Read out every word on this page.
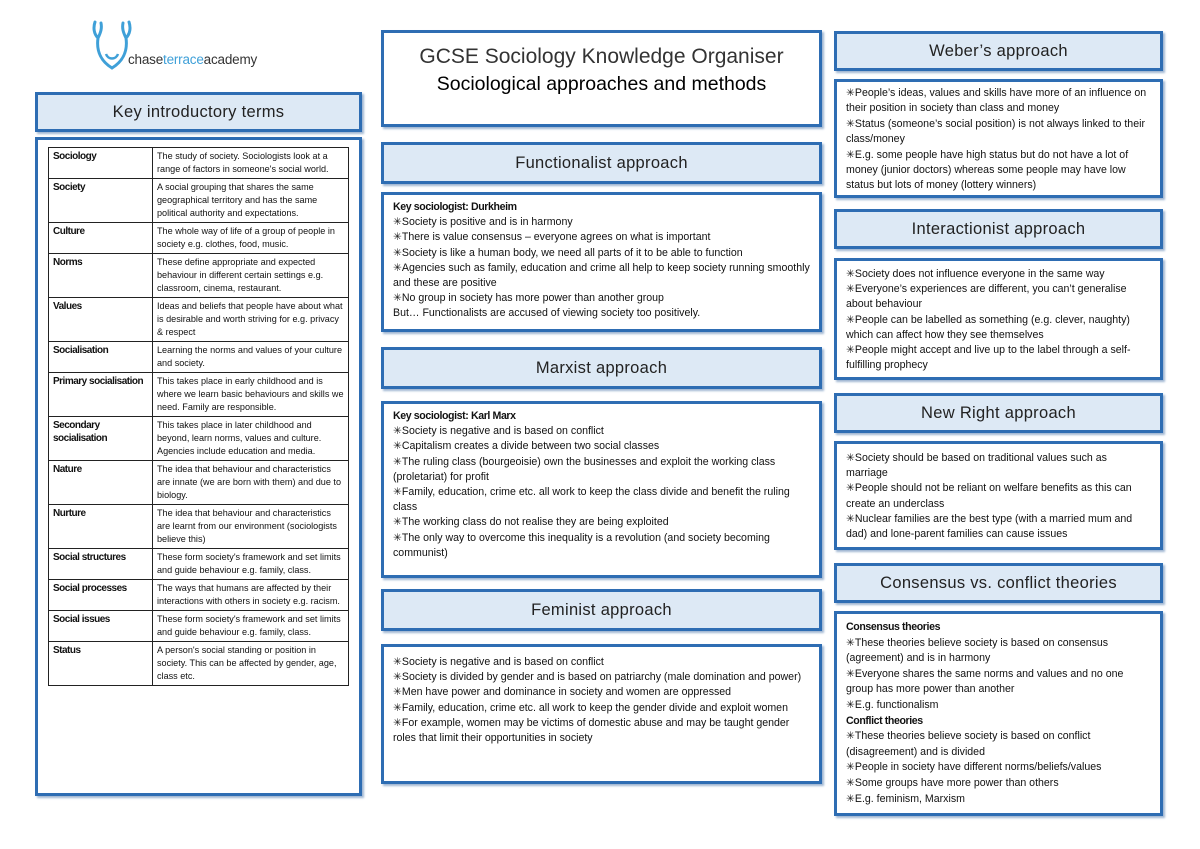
chaseterraceacademy	GCSE Sociology Knowledge Organiser
Sociological approaches and methods
Key introductory terms
Sociology	The study of society. Sociologists look at a range of factors in someone's social world.
Society	A social grouping that shares the same geographical territory and has the same political authority and expectations.
Culture	The whole way of life of a group of people in society e.g. clothes, food, music.
Norms	These define appropriate and expected behaviour in different certain settings e.g. classroom, cinema, restaurant.
Values	Ideas and beliefs that people have about what is desirable and worth striving for e.g. privacy & respect
Socialisation	Learning the norms and values of your culture and society.
Primary socialisation	This takes place in early childhood and is where we learn basic behaviours and skills we need. Family are responsible.
Secondary socialisation	This takes place in later childhood and beyond, learn norms, values and culture. Agencies include education and media.
Nature	The idea that behaviour and characteristics are innate (we are born with them) and due to biology.
Nurture	The idea that behaviour and characteristics are learnt from our environment (sociologists believe this)
Social structures	These form society's framework and set limits and guide behaviour e.g. family, class.
Social processes	The ways that humans are affected by their interactions with others in society e.g. racism.
Social issues	These form society's framework and set limits and guide behaviour e.g. family, class.
Status	A person's social standing or position in society. This can be affected by gender, age, class etc.
Functionalist approach
Key sociologist: Durkheim
✳Society is positive and is in harmony
✳There is value consensus – everyone agrees on what is important
✳Society is like a human body, we need all parts of it to be able to function
✳Agencies such as family, education and crime all help to keep society running smoothly and these are positive
✳No group in society has more power than another group
But… Functionalists are accused of viewing society too positively.
Marxist approach
Key sociologist: Karl Marx
✳Society is negative and is based on conflict
✳Capitalism creates a divide between two social classes
✳The ruling class (bourgeoisie) own the businesses and exploit the working class (proletariat) for profit
✳Family, education, crime etc. all work to keep the class divide and benefit the ruling class
✳The working class do not realise they are being exploited
✳The only way to overcome this inequality is a revolution (and society becoming communist)
Feminist approach
✳Society is negative and is based on conflict
✳Society is divided by gender and is based on patriarchy (male domination and power)
✳Men have power and dominance in society and women are oppressed
✳Family, education, crime etc. all work to keep the gender divide and exploit women
✳For example, women may be victims of domestic abuse and may be taught gender roles that limit their opportunities in society
Weber’s approach
✳People’s ideas, values and skills have more of an influence on their position in society than class and money
✳Status (someone’s social position) is not always linked to their class/money
✳E.g. some people have high status but do not have a lot of money (junior doctors) whereas some people may have low status but lots of money (lottery winners)
Interactionist approach
✳Society does not influence everyone in the same way
✳Everyone’s experiences are different, you can’t generalise about behaviour
✳People can be labelled as something (e.g. clever, naughty) which can affect how they see themselves
✳People might accept and live up to the label through a self-fulfilling prophecy
New Right approach
✳Society should be based on traditional values such as marriage
✳People should not be reliant on welfare benefits as this can create an underclass
✳Nuclear families are the best type (with a married mum and dad) and lone-parent families can cause issues
Consensus vs. conflict theories
Consensus theories
✳These theories believe society is based on consensus (agreement) and is in harmony
✳Everyone shares the same norms and values and no one group has more power than another
✳E.g. functionalism
Conflict theories
✳These theories believe society is based on conflict (disagreement) and is divided
✳People in society have different norms/beliefs/values
✳Some groups have more power than others
✳E.g. feminism, Marxism
